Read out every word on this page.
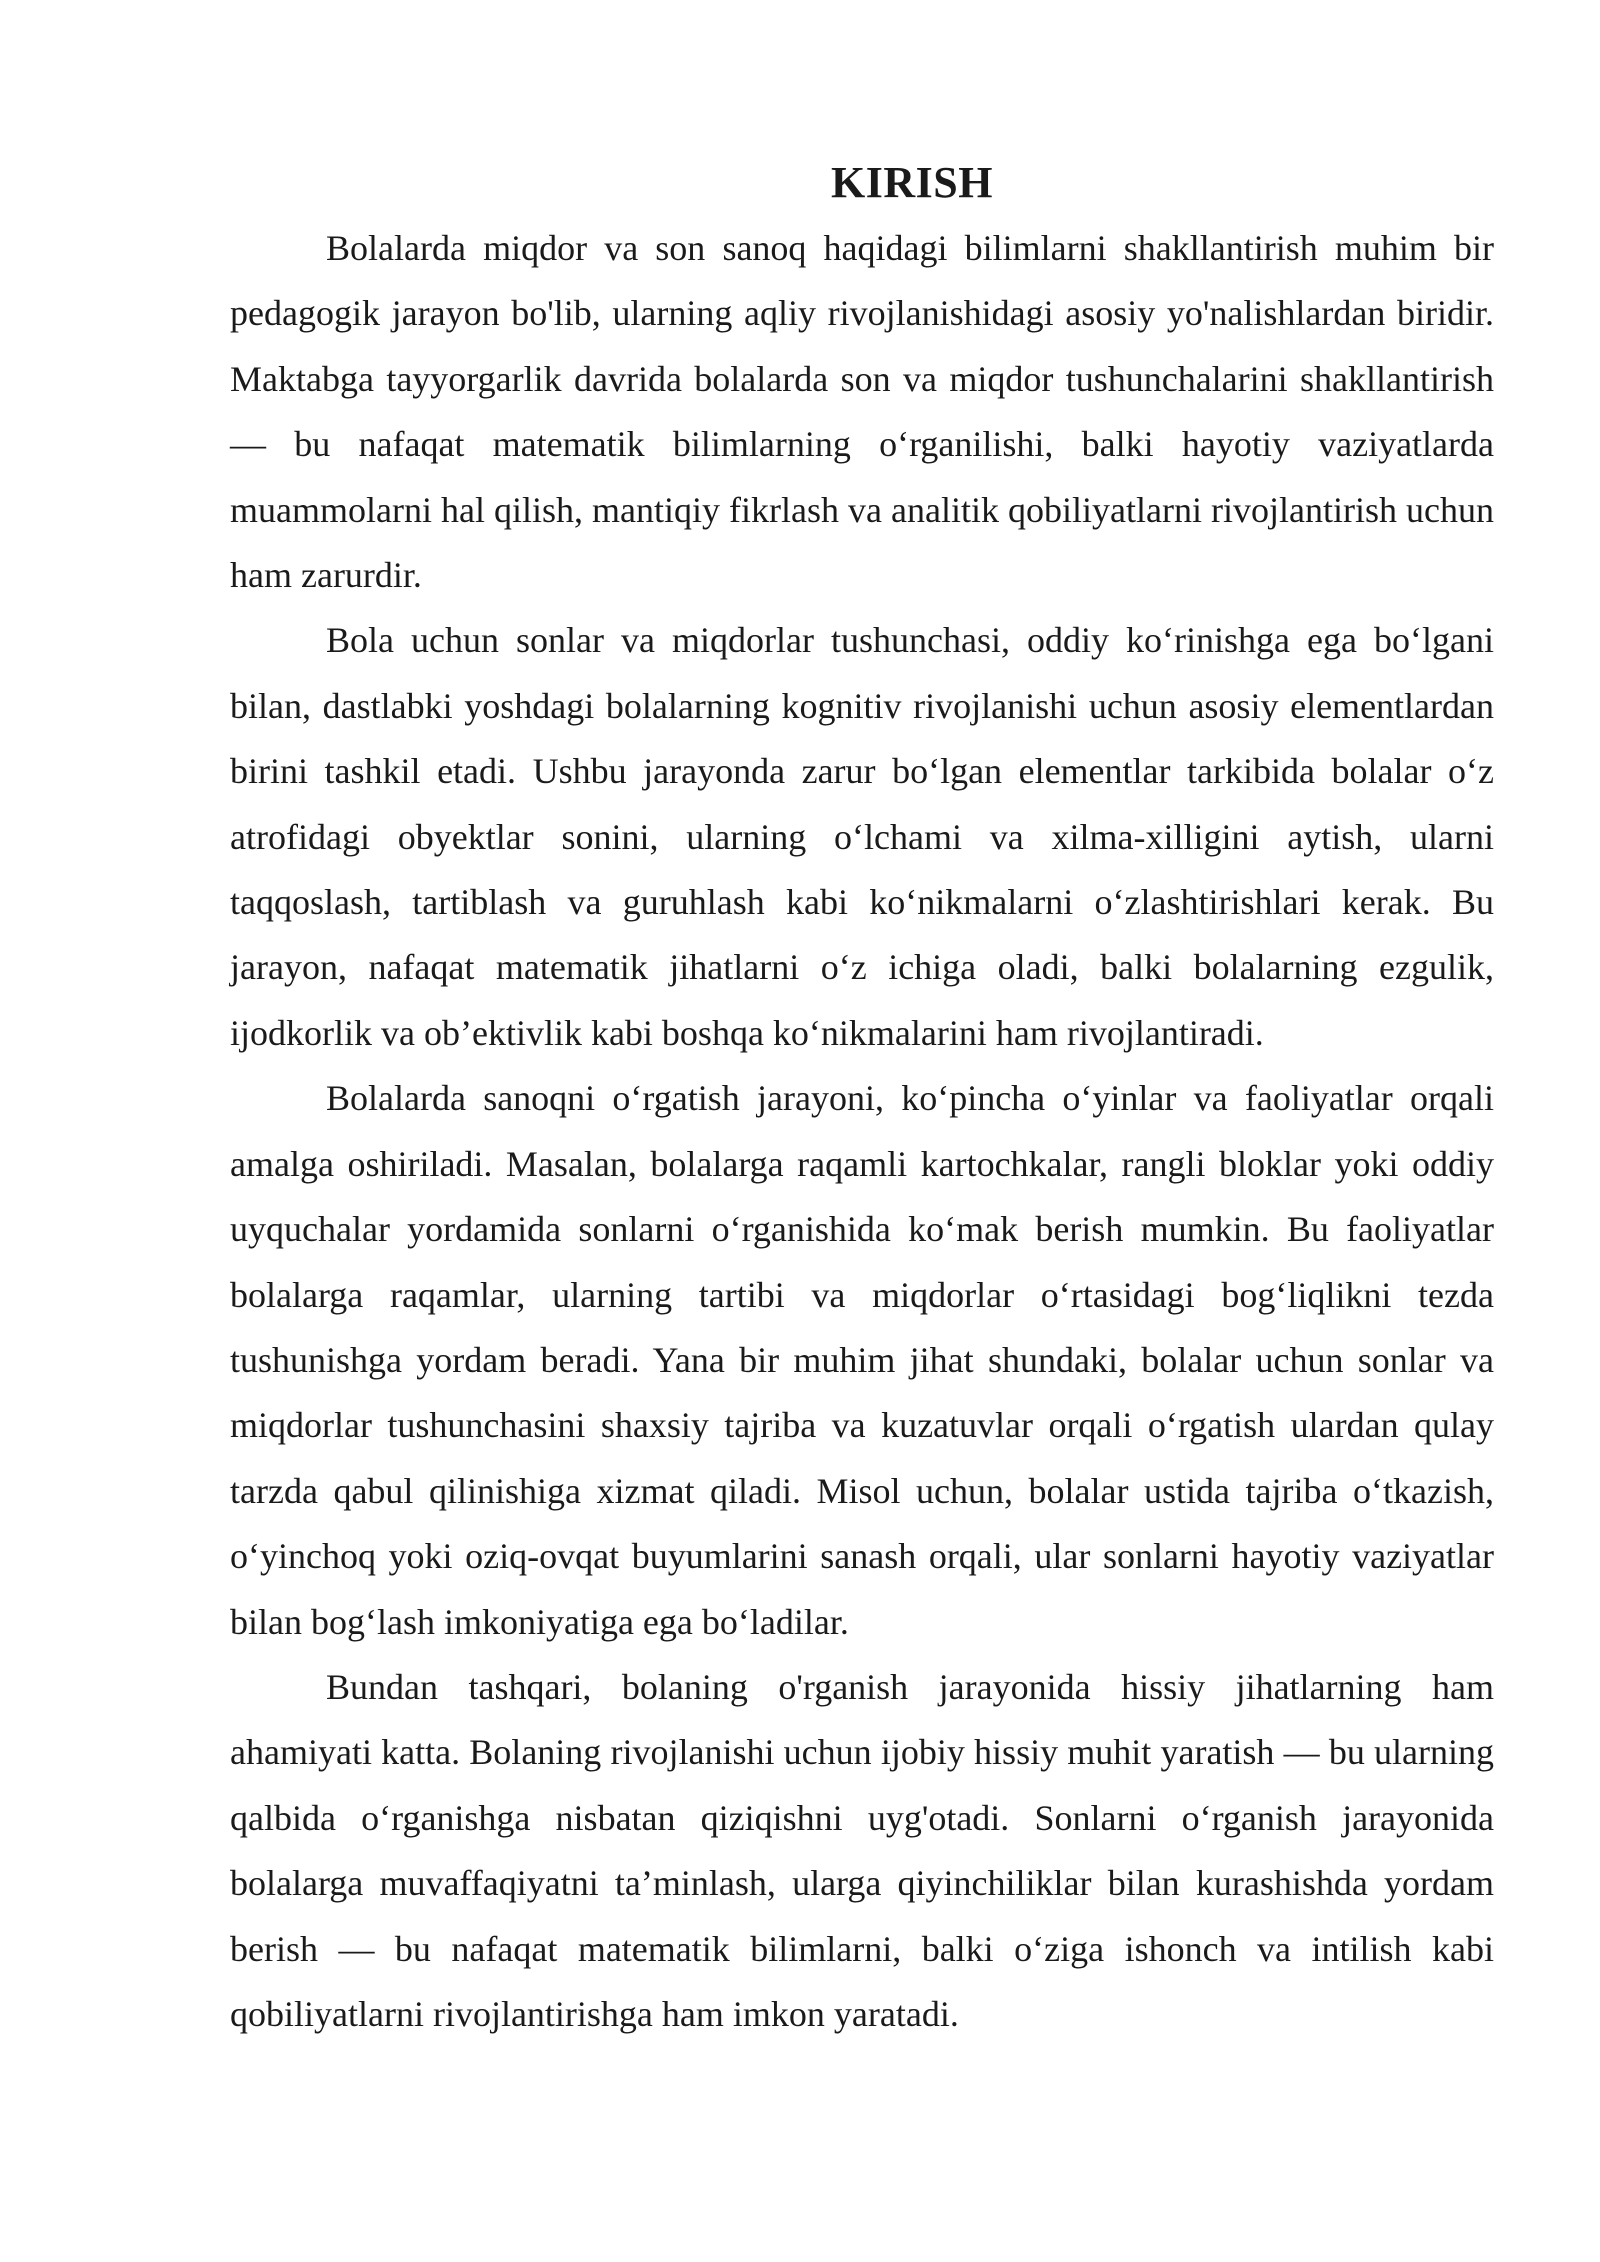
KIRISH

Bolalarda miqdor va son sanoq haqidagi bilimlarni shakllantirish muhim bir pedagogik jarayon bo'lib, ularning aqliy rivojlanishidagi asosiy yo'nalishlardan biridir. Maktabga tayyorgarlik davrida bolalarda son va miqdor tushunchalarini shakllantirish — bu nafaqat matematik bilimlarning o‘rganilishi, balki hayotiy vaziyatlarda muammolarni hal qilish, mantiqiy fikrlash va analitik qobiliyatlarni rivojlantirish uchun ham zarurdir.

Bola uchun sonlar va miqdorlar tushunchasi, oddiy ko‘rinishga ega bo‘lgani bilan, dastlabki yoshdagi bolalarning kognitiv rivojlanishi uchun asosiy elementlardan birini tashkil etadi. Ushbu jarayonda zarur bo‘lgan elementlar tarkibida bolalar o‘z atrofidagi obyektlar sonini, ularning o‘lchami va xilma-xilligini aytish, ularni taqqoslash, tartiblash va guruhlash kabi ko‘nikmalarni o‘zlashtirishlari kerak. Bu jarayon, nafaqat matematik jihatlarni o‘z ichiga oladi, balki bolalarning ezgulik, ijodkorlik va ob’ektivlik kabi boshqa ko‘nikmalarini ham rivojlantiradi.

Bolalarda sanoqni o‘rgatish jarayoni, ko‘pincha o‘yinlar va faoliyatlar orqali amalga oshiriladi. Masalan, bolalarga raqamli kartochkalar, rangli bloklar yoki oddiy uyquchalar yordamida sonlarni o‘rganishida ko‘mak berish mumkin. Bu faoliyatlar bolalarga raqamlar, ularning tartibi va miqdorlar o‘rtasidagi bog‘liqlikni tezda tushunishga yordam beradi. Yana bir muhim jihat shundaki, bolalar uchun sonlar va miqdorlar tushunchasini shaxsiy tajriba va kuzatuvlar orqali o‘rgatish ulardan qulay tarzda qabul qilinishiga xizmat qiladi. Misol uchun, bolalar ustida tajriba o‘tkazish, o‘yinchoq yoki oziq-ovqat buyumlarini sanash orqali, ular sonlarni hayotiy vaziyatlar bilan bog‘lash imkoniyatiga ega bo‘ladilar.

Bundan tashqari, bolaning o'rganish jarayonida hissiy jihatlarning ham ahamiyati katta. Bolaning rivojlanishi uchun ijobiy hissiy muhit yaratish — bu ularning qalbida o‘rganishga nisbatan qiziqishni uyg'otadi. Sonlarni o‘rganish jarayonida bolalarga muvaffaqiyatni ta’minlash, ularga qiyinchiliklar bilan kurashishda yordam berish — bu nafaqat matematik bilimlarni, balki o‘ziga ishonch va intilish kabi qobiliyatlarni rivojlantirishga ham imkon yaratadi.
